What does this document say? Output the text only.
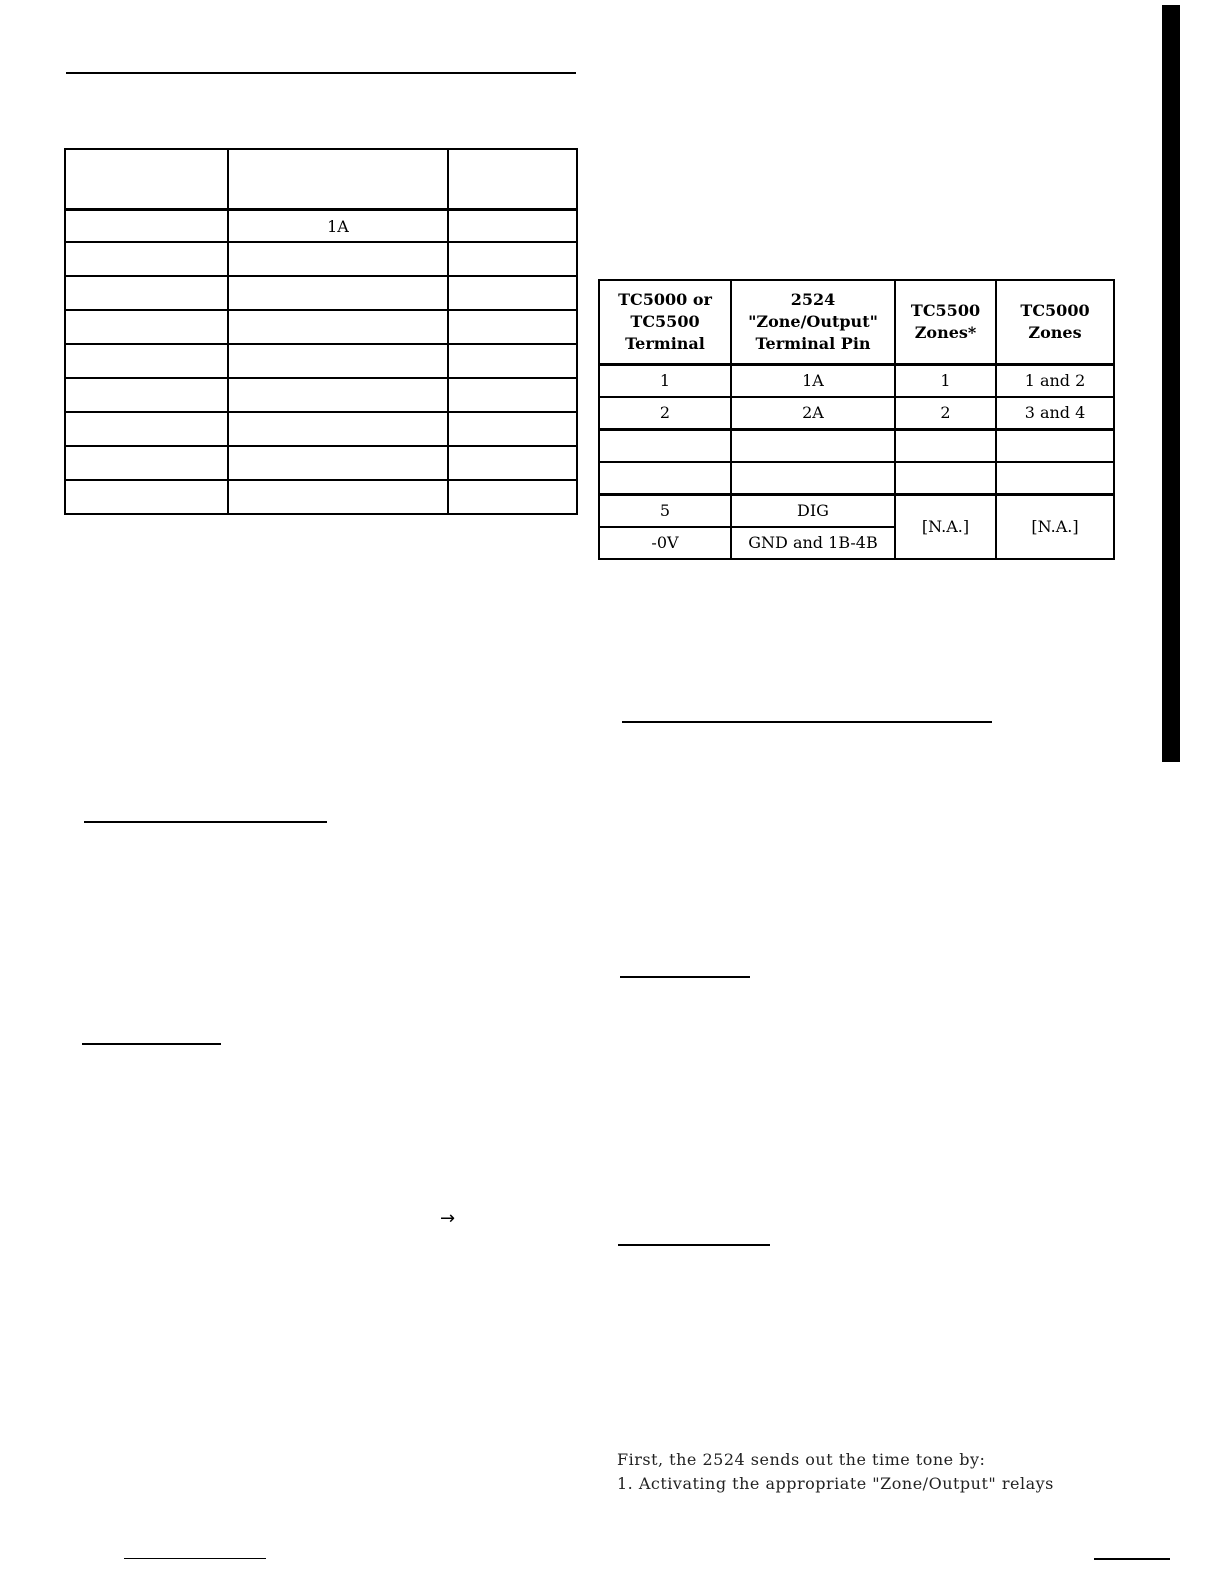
	1A	

TC5000 or TC5500 Terminal	2524 "Zone/Output" Terminal Pin	TC5500 Zones*	TC5000 Zones
1	1A	1	1 and 2
2	2A	2	3 and 4

5	DIG	[N.A.]	[N.A.]
-0V	GND and 1B-4B		
→
First, the 2524 sends out the time tone by:
1. Activating the appropriate "Zone/Output" relays
